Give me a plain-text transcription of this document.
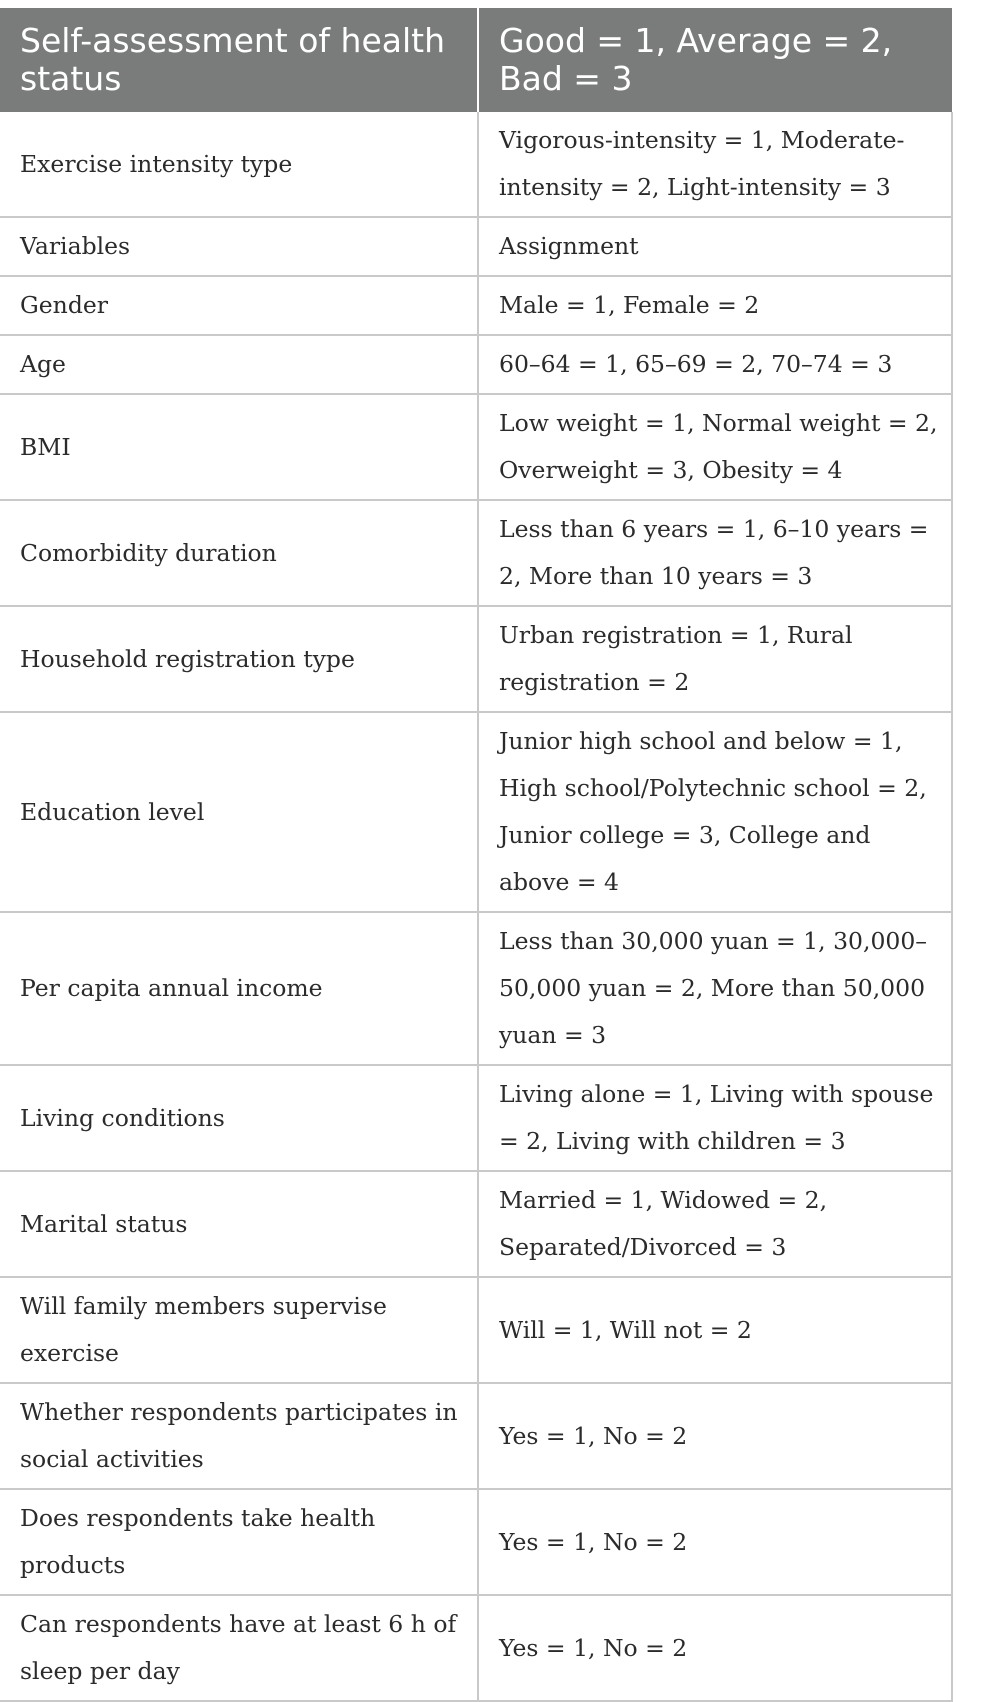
Self-assessment of health status	Good = 1, Average = 2, Bad = 3
Exercise intensity type	Vigorous-intensity = 1, Moderate-intensity = 2, Light-intensity = 3
Variables	Assignment
Gender	Male = 1, Female = 2
Age	60–64 = 1, 65–69 = 2, 70–74 = 3
BMI	Low weight = 1, Normal weight = 2, Overweight = 3, Obesity = 4
Comorbidity duration	Less than 6 years = 1, 6–10 years = 2, More than 10 years = 3
Household registration type	Urban registration = 1, Rural registration = 2
Education level	Junior high school and below = 1, High school/Polytechnic school = 2, Junior college = 3, College and above = 4
Per capita annual income	Less than 30,000 yuan = 1, 30,000–50,000 yuan = 2, More than 50,000 yuan = 3
Living conditions	Living alone = 1, Living with spouse = 2, Living with children = 3
Marital status	Married = 1, Widowed = 2, Separated/Divorced = 3
Will family members supervise exercise	Will = 1, Will not = 2
Whether respondents participates in social activities	Yes = 1, No = 2
Does respondents take health products	Yes = 1, No = 2
Can respondents have at least 6 h of sleep per day	Yes = 1, No = 2
